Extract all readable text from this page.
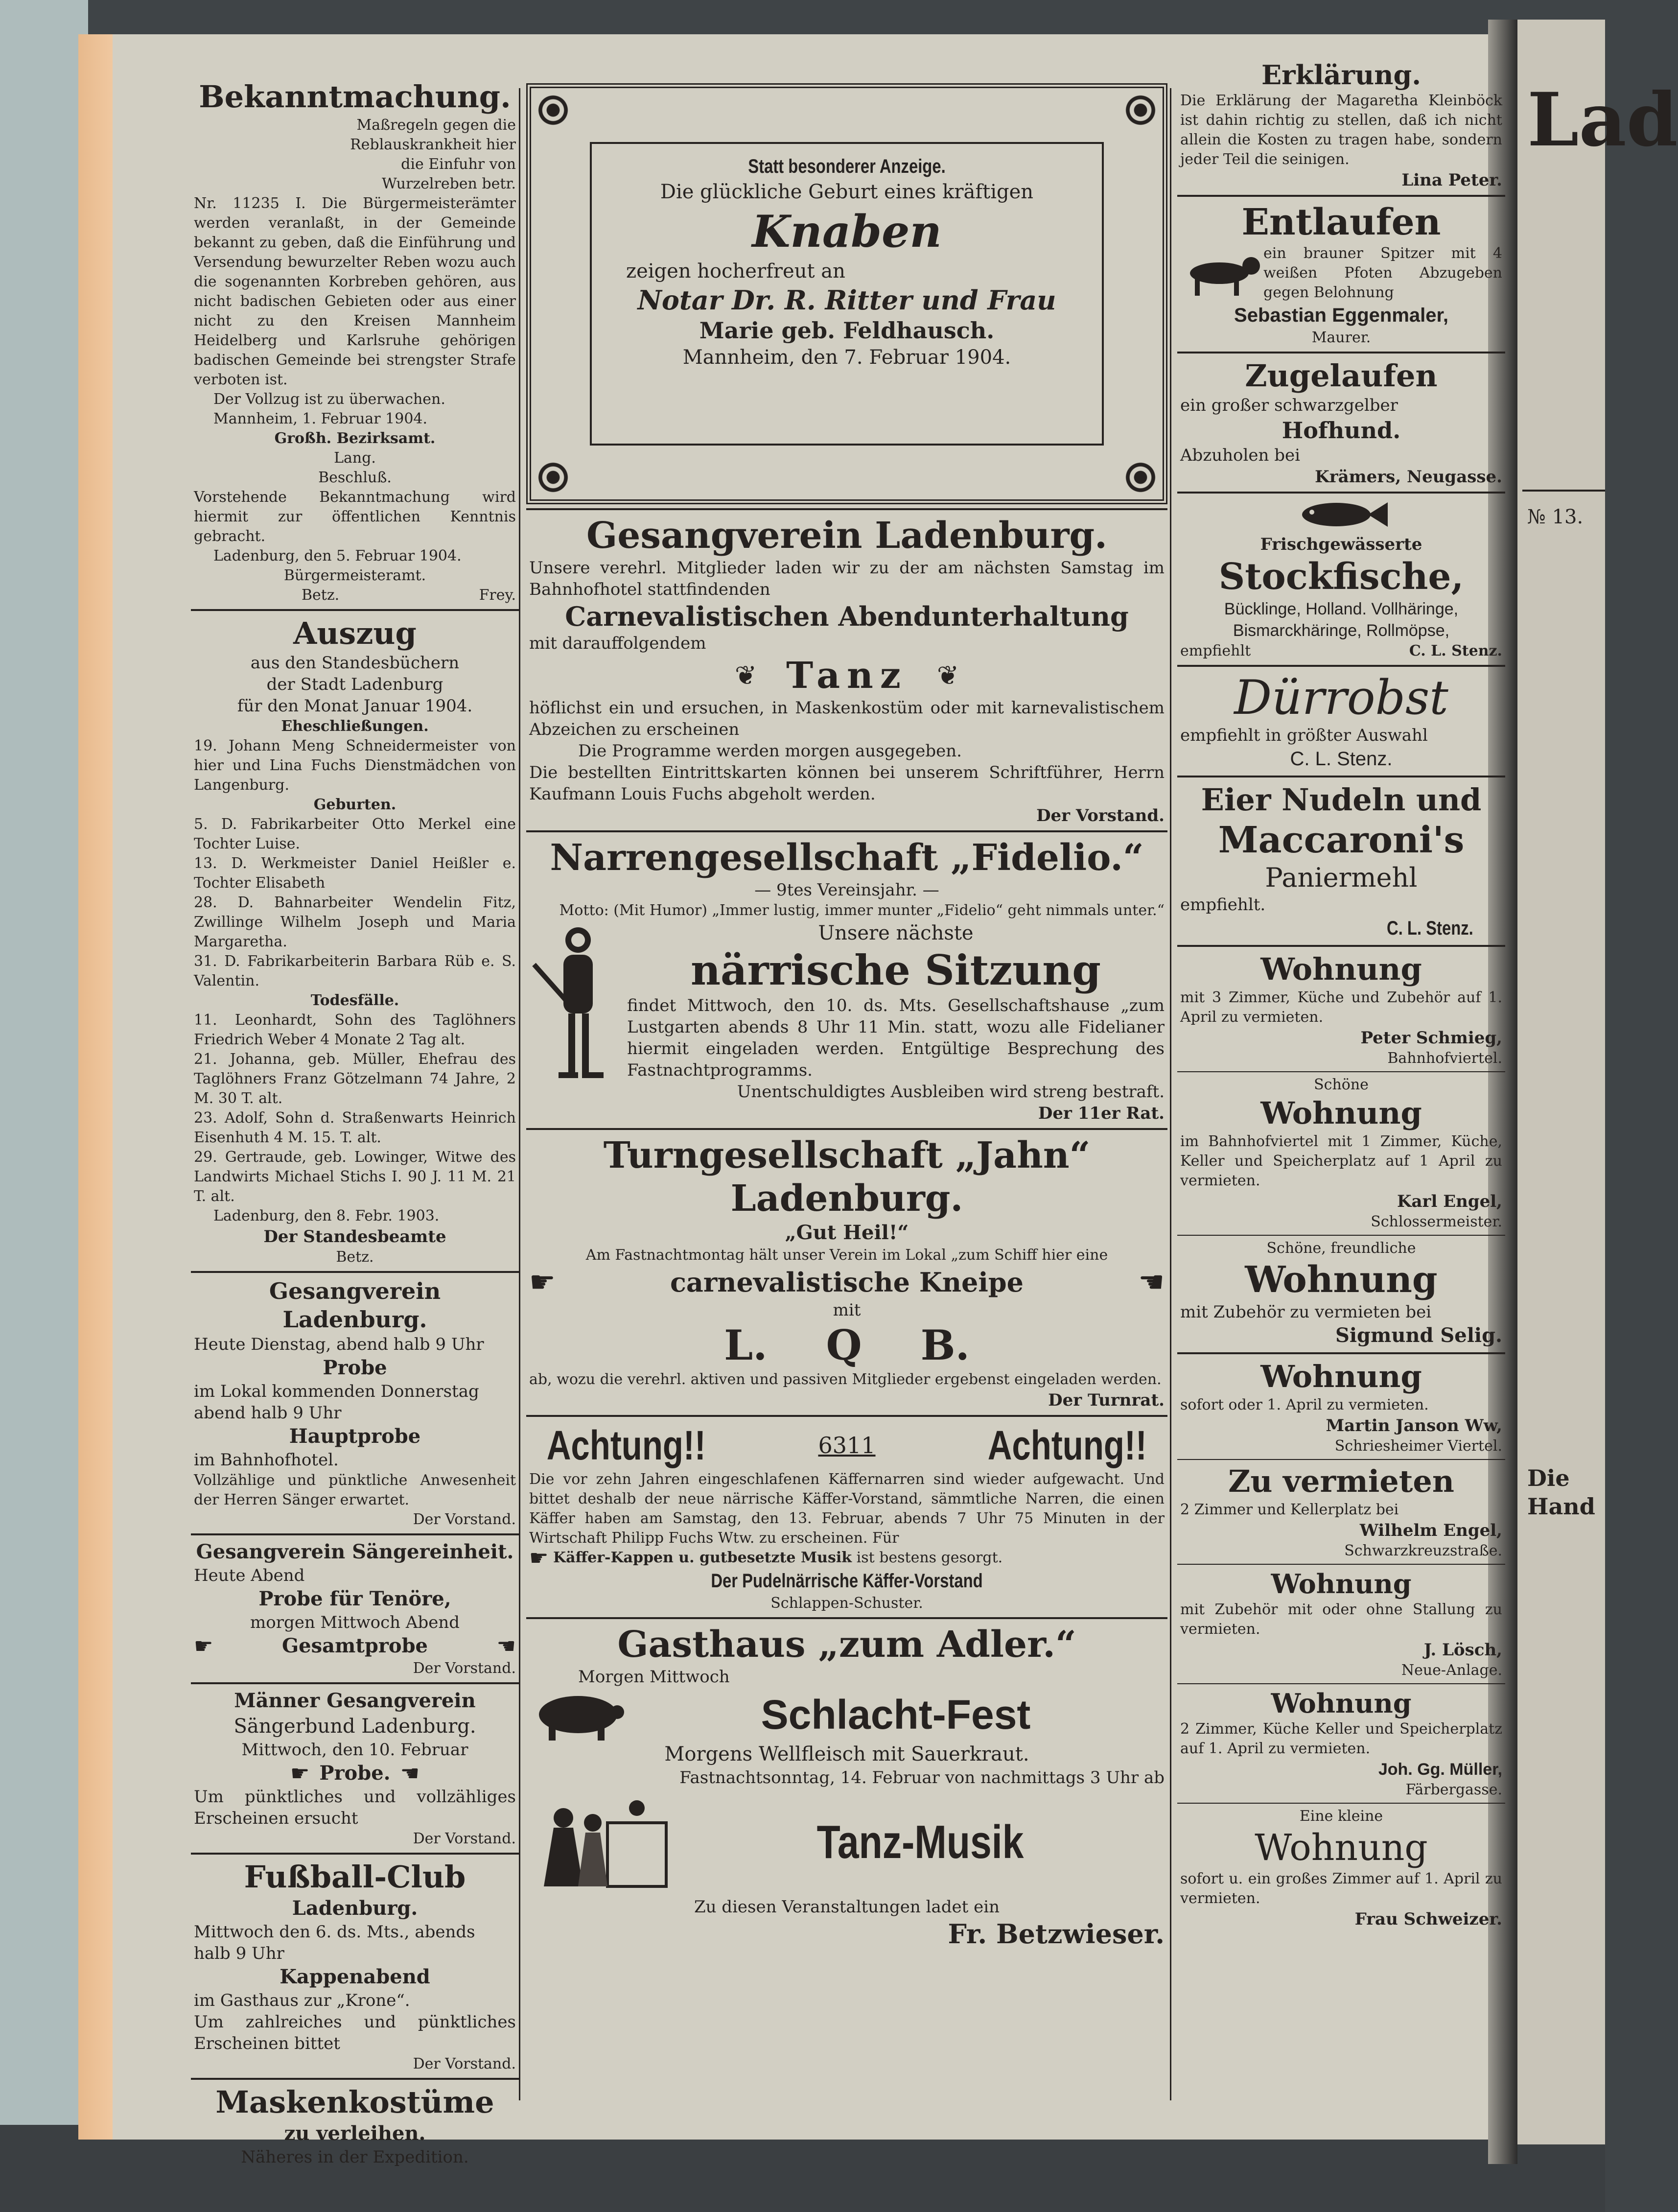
Lad
№ 13.
Die Hand
Bekanntmachung.
Maßregeln gegen die Reblauskrankheit hier die Einfuhr von Wurzelreben betr.
Nr. 11235 I. Die Bürgermeisterämter werden veranlaßt, in der Gemeinde bekannt zu geben, daß die Einführung und Versendung bewurzelter Reben wozu auch die sogenannten Korbreben gehören, aus nicht badischen Gebieten oder aus einer nicht zu den Kreisen Mannheim Heidelberg und Karlsruhe gehörigen badischen Gemeinde bei strengster Strafe verboten ist.
Der Vollzug ist zu überwachen.
Mannheim, 1. Februar 1904.
Großh. Bezirksamt.
Lang.
Beschluß.
Vorstehende Bekanntmachung wird hiermit zur öffentlichen Kenntnis gebracht.
Ladenburg, den 5. Februar 1904.
Bürgermeisteramt.
Betz.	Frey.
Auszug
aus den Standesbüchern
der Stadt Ladenburg
für den Monat Januar 1904.
Eheschließungen.
19. Johann Meng Schneidermeister von hier und Lina Fuchs Dienstmädchen von Langenburg.
Geburten.
5. D. Fabrikarbeiter Otto Merkel eine Tochter Luise.
13. D. Werkmeister Daniel Heißler e. Tochter Elisabeth
28. D. Bahnarbeiter Wendelin Fitz, Zwillinge Wilhelm Joseph und Maria Margaretha.
31. D. Fabrikarbeiterin Barbara Rüb e. S. Valentin.
Todesfälle.
11. Leonhardt, Sohn des Taglöhners Friedrich Weber 4 Monate 2 Tag alt.
21. Johanna, geb. Müller, Ehefrau des Taglöhners Franz Götzelmann 74 Jahre, 2 M. 30 T. alt.
23. Adolf, Sohn d. Straßenwarts Heinrich Eisenhuth 4 M. 15. T. alt.
29. Gertraude, geb. Lowinger, Witwe des Landwirts Michael Stichs I. 90 J. 11 M. 21 T. alt.
Ladenburg, den 8. Febr. 1903.
Der Standesbeamte
Betz.
Gesangverein Ladenburg.
Heute Dienstag, abend halb 9 Uhr
Probe
im Lokal kommenden Donnerstag abend halb 9 Uhr
Hauptprobe
im Bahnhofhotel.
Vollzählige und pünktliche Anwesenheit der Herren Sänger erwartet.
Der Vorstand.
Gesangverein Sängereinheit.
Heute Abend
Probe für Tenöre,
morgen Mittwoch Abend
☛	Gesamtprobe	☚
Der Vorstand.
Männer Gesangverein
Sängerbund Ladenburg.
Mittwoch, den 10. Februar
☛ Probe. ☚
Um pünktliches und vollzähliges Erscheinen ersucht
Der Vorstand.
Fußball-Club
Ladenburg.
Mittwoch den 6. ds. Mts., abends halb 9 Uhr
Kappenabend
im Gasthaus zur „Krone“.
Um zahlreiches und pünktliches Erscheinen bittet
Der Vorstand.
Maskenkostüme
zu verleihen.
Näheres in der Expedition.
Statt besonderer Anzeige.
Die glückliche Geburt eines kräftigen
Knaben
zeigen hocherfreut an
Notar Dr. R. Ritter und Frau
Marie geb. Feldhausch.
Mannheim, den 7. Februar 1904.
Gesangverein Ladenburg.
Unsere verehrl. Mitglieder laden wir zu der am nächsten Samstag im Bahnhofhotel stattfindenden
Carnevalistischen Abendunterhaltung
mit darauffolgendem
❦ Tanz ❦
höflichst ein und ersuchen, in Maskenkostüm oder mit karnevalistischem Abzeichen zu erscheinen
Die Programme werden morgen ausgegeben.
Die bestellten Eintrittskarten können bei unserem Schriftführer, Herrn Kaufmann Louis Fuchs abgeholt werden.
Der Vorstand.
Narrengesellschaft „Fidelio.“
— 9tes Vereinsjahr. —
Motto: (Mit Humor) „Immer lustig, immer munter „Fidelio“ geht nimmals unter.“
Unsere nächste
närrische Sitzung
findet Mittwoch, den 10. ds. Mts. Gesellschaftshause „zum Lustgarten abends 8 Uhr 11 Min. statt, wozu alle Fidelianer hiermit eingeladen werden. Entgültige Besprechung des Fastnachtprogramms.
Unentschuldigtes Ausbleiben wird streng bestraft.
Der 11er Rat.
Turngesellschaft „Jahn“ Ladenburg.
„Gut Heil!“
Am Fastnachtmontag hält unser Verein im Lokal „zum Schiff hier eine
☛	carnevalistische Kneipe	☚
mit
L. Q B.
ab, wozu die verehrl. aktiven und passiven Mitglieder ergebenst eingeladen werden.
Der Turnrat.
Achtung!!	6311	Achtung!!
Die vor zehn Jahren eingeschlafenen Käffernarren sind wieder aufgewacht. Und bittet deshalb der neue närrische Käffer-Vorstand, sämmtliche Narren, die einen Käffer haben am Samstag, den 13. Februar, abends 7 Uhr 75 Minuten in der Wirtschaft Philipp Fuchs Wtw. zu erscheinen. Für
☛ Käffer-Kappen u. gutbesetzte Musik ist bestens gesorgt.
Der Pudelnärrische Käffer-Vorstand
Schlappen-Schuster.
Gasthaus „zum Adler.“
Morgen Mittwoch
Schlacht-Fest
Morgens Wellfleisch mit Sauerkraut.
Fastnachtsonntag, 14. Februar von nachmittags 3 Uhr ab
Tanz-Musik
Zu diesen Veranstaltungen ladet ein
Fr. Betzwieser.
Erklärung.
Die Erklärung der Magaretha Kleinböck ist dahin richtig zu stellen, daß ich nicht allein die Kosten zu tragen habe, sondern jeder Teil die seinigen.
Lina Peter.
Entlaufen
ein brauner Spitzer mit 4 weißen Pfoten Abzugeben gegen Belohnung
Sebastian Eggenmaler,
Maurer.
Zugelaufen
ein großer schwarzgelber
Hofhund.
Abzuholen bei
Krämers, Neugasse.
Frischgewässerte
Stockfische,
Bücklinge, Holland. Vollhäringe,
Bismarckhäringe, Rollmöpse,
empfiehlt	C. L. Stenz.
Dürrobst
empfiehlt in größter Auswahl
C. L. Stenz.
Eier Nudeln und
Maccaroni's
Paniermehl
empfiehlt.
C. L. Stenz.
Wohnung
mit 3 Zimmer, Küche und Zubehör auf 1. April zu vermieten.
Peter Schmieg,
Bahnhofviertel.
Schöne
Wohnung
im Bahnhofviertel mit 1 Zimmer, Küche, Keller und Speicherplatz auf 1 April zu vermieten.
Karl Engel,
Schlossermeister.
Schöne, freundliche
Wohnung
mit Zubehör zu vermieten bei
Sigmund Selig.
Wohnung
sofort oder 1. April zu vermieten.
Martin Janson Ww,
Schriesheimer Viertel.
Zu vermieten
2 Zimmer und Kellerplatz bei
Wilhelm Engel,
Schwarzkreuzstraße.
Wohnung
mit Zubehör mit oder ohne Stallung zu vermieten.
J. Lösch,
Neue-Anlage.
Wohnung
2 Zimmer, Küche Keller und Speicherplatz auf 1. April zu vermieten.
Joh. Gg. Müller,
Färbergasse.
Eine kleine
Wohnung
sofort u. ein großes Zimmer auf 1. April zu vermieten.
Frau Schweizer.
